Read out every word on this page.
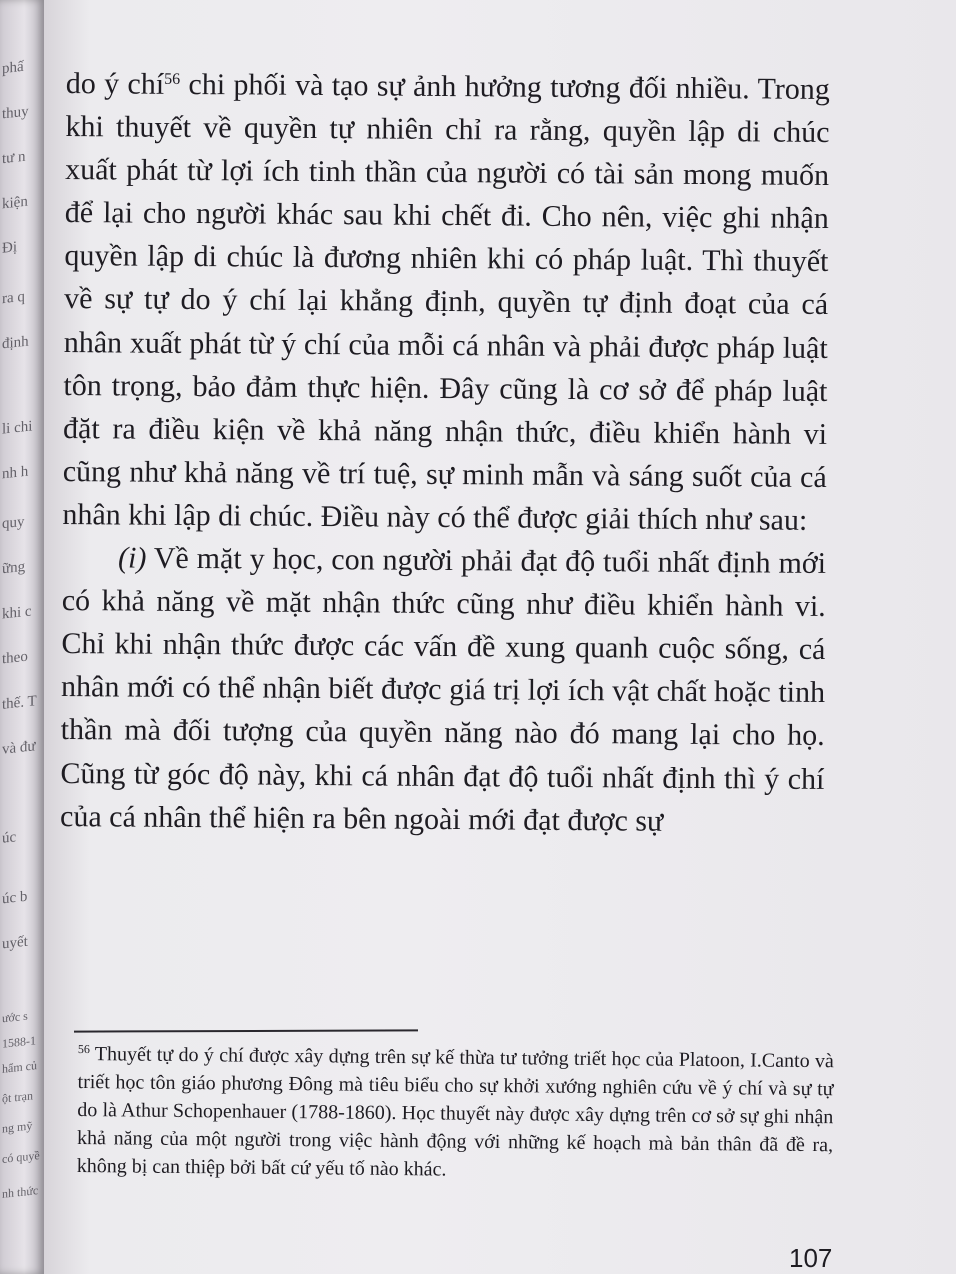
phấ
thuy
tư n
kiện
Đị
ra q
định
li chi
nh h
quy
ững
khi c
theo
thế. T
và đư
úc
úc b
uyết
ước s
1588-1
hẩm củ
ột trạn
ng mỹ
có quyề
nh thức

do ý chí$^{56}$ chi phối và tạo sự ảnh hưởng tương đối nhiều. Trong khi thuyết về quyền tự nhiên chỉ ra rằng, quyền lập di chúc xuất phát từ lợi ích tinh thần của người có tài sản mong muốn để lại cho người khác sau khi chết đi. Cho nên, việc ghi nhận quyền lập di chúc là đương nhiên khi có pháp luật. Thì thuyết về sự tự do ý chí lại khẳng định, quyền tự định đoạt của cá nhân xuất phát từ ý chí của mỗi cá nhân và phải được pháp luật tôn trọng, bảo đảm thực hiện. Đây cũng là cơ sở để pháp luật đặt ra điều kiện về khả năng nhận thức, điều khiển hành vi cũng như khả năng về trí tuệ, sự minh mẫn và sáng suốt của cá nhân khi lập di chúc. Điều này có thể được giải thích như sau:

(i) Về mặt y học, con người phải đạt độ tuổi nhất định mới có khả năng về mặt nhận thức cũng như điều khiển hành vi. Chỉ khi nhận thức được các vấn đề xung quanh cuộc sống, cá nhân mới có thể nhận biết được giá trị lợi ích vật chất hoặc tinh thần mà đối tượng của quyền năng nào đó mang lại cho họ. Cũng từ góc độ này, khi cá nhân đạt độ tuổi nhất định thì ý chí của cá nhân thể hiện ra bên ngoài mới đạt được sự

$^{56}$ Thuyết tự do ý chí được xây dựng trên sự kế thừa tư tưởng triết học của Platoon, I.Canto và triết học tôn giáo phương Đông mà tiêu biểu cho sự khởi xướng nghiên cứu về ý chí và sự tự do là Athur Schopenhauer (1788-1860). Học thuyết này được xây dựng trên cơ sở sự ghi nhận khả năng của một người trong việc hành động với những kế hoạch mà bản thân đã đề ra, không bị can thiệp bởi bất cứ yếu tố nào khác.
107
